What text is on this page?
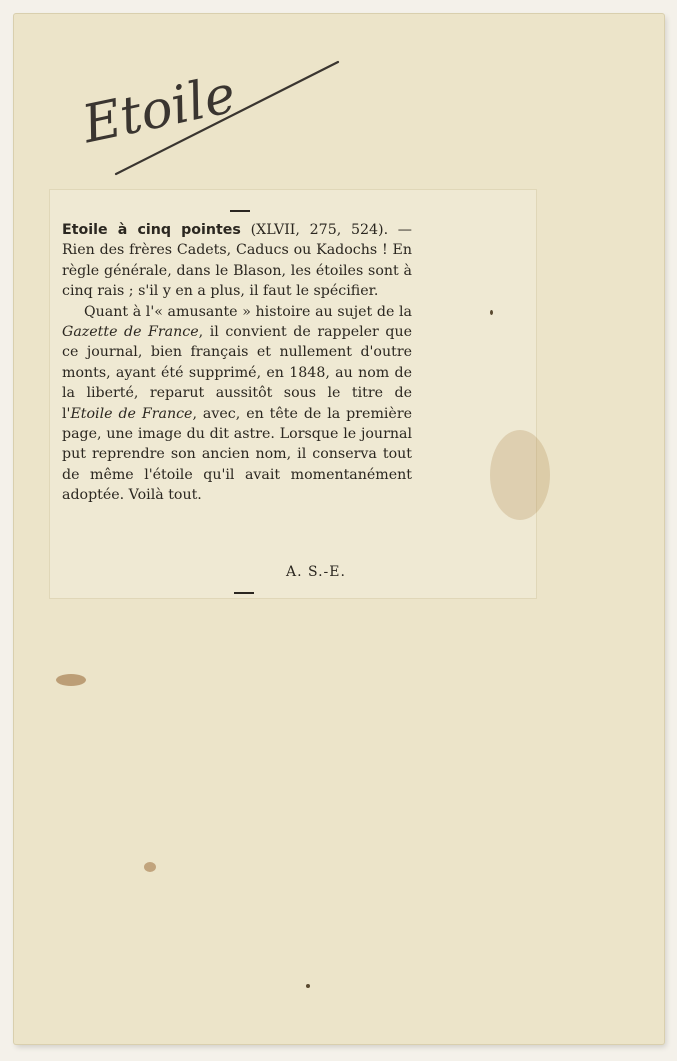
Etoile

Etoile à cinq pointes (XLVII, 275, 524). — Rien des frères Cadets, Caducs ou Kadochs ! En règle générale, dans le Blason, les étoiles sont à cinq rais ; s'il y en a plus, il faut le spécifier.

Quant à l'« amusante » histoire au sujet de la Gazette de France, il convient de rappeler que ce journal, bien français et nullement d'outre monts, ayant été supprimé, en 1848, au nom de la liberté, reparut aussitôt sous le titre de l'Etoile de France, avec, en tête de la première page, une image du dit astre. Lorsque le journal put reprendre son ancien nom, il conserva tout de même l'étoile qu'il avait momentanément adoptée. Voilà tout.

A. S.-E.
